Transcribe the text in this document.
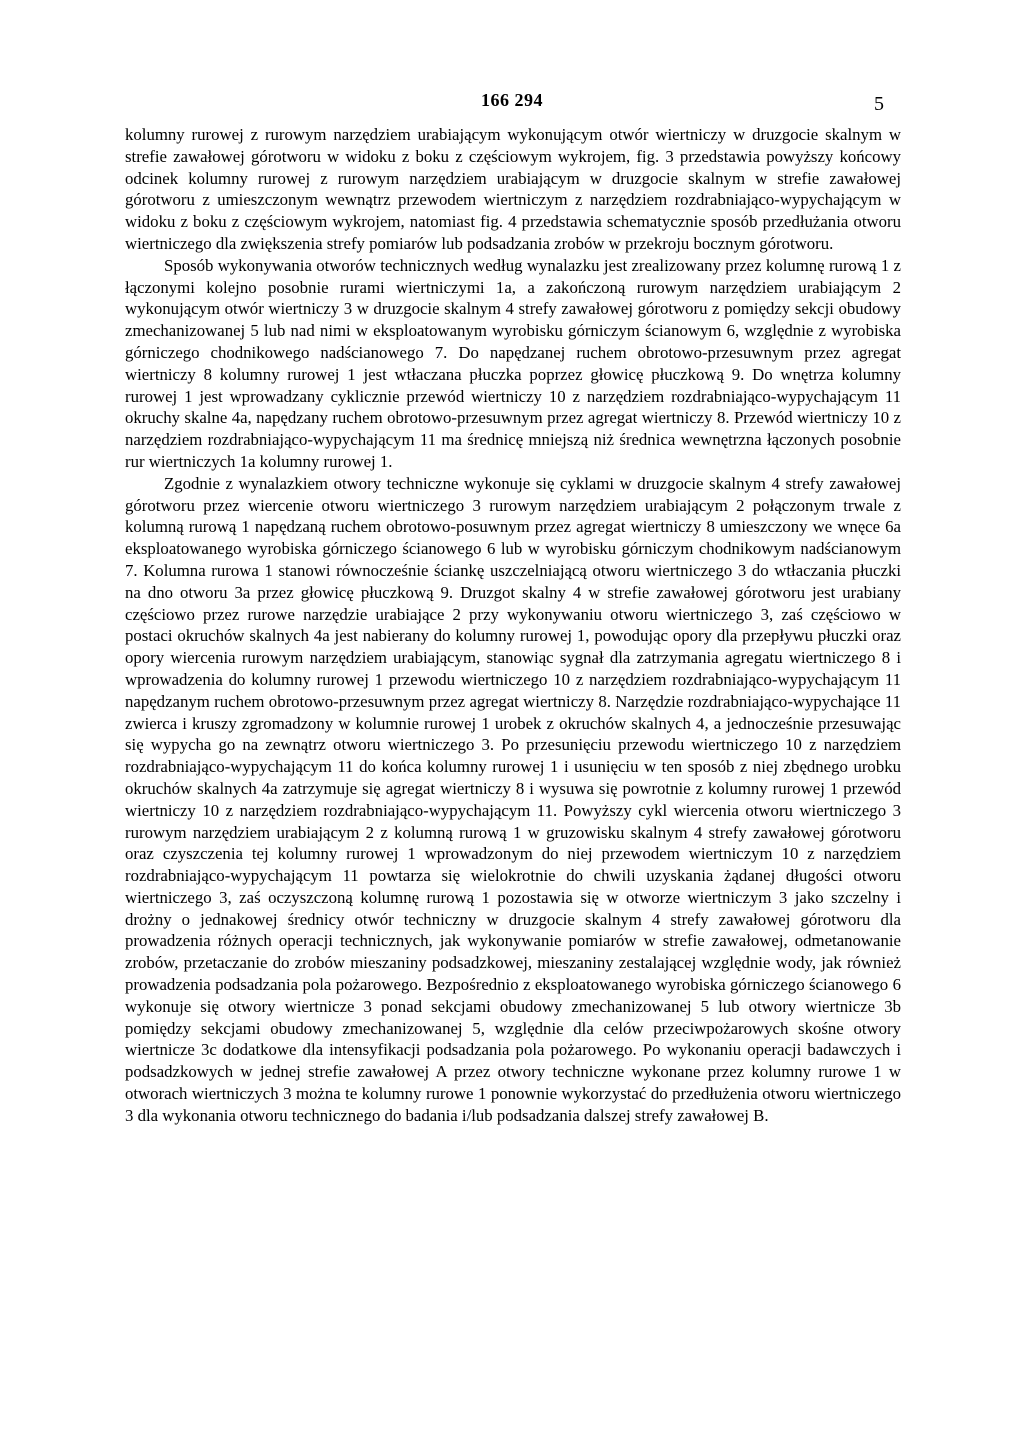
166 294	5

kolumny rurowej z rurowym narzędziem urabiającym wykonującym otwór wiertniczy w druzgocie skalnym w strefie zawałowej górotworu w widoku z boku z częściowym wykrojem, fig. 3 przedstawia powyższy końcowy odcinek kolumny rurowej z rurowym narzędziem urabiającym w druzgocie skalnym w strefie zawałowej górotworu z umieszczonym wewnątrz przewodem wiertniczym z narzędziem rozdrabniająco-wypychającym w widoku z boku z częściowym wykrojem, natomiast fig. 4 przedstawia schematycznie sposób przedłużania otworu wiertniczego dla zwiększenia strefy pomiarów lub podsadzania zrobów w przekroju bocznym górotworu.

Sposób wykonywania otworów technicznych według wynalazku jest zrealizowany przez kolumnę rurową 1 z łączonymi kolejno posobnie rurami wiertniczymi 1a, a zakończoną rurowym narzędziem urabiającym 2 wykonującym otwór wiertniczy 3 w druzgocie skalnym 4 strefy zawałowej górotworu z pomiędzy sekcji obudowy zmechanizowanej 5 lub nad nimi w eksploatowanym wyrobisku górniczym ścianowym 6, względnie z wyrobiska górniczego chodnikowego nadścianowego 7. Do napędzanej ruchem obrotowo-przesuwnym przez agregat wiertniczy 8 kolumny rurowej 1 jest wtłaczana płuczka poprzez głowicę płuczkową 9. Do wnętrza kolumny rurowej 1 jest wprowadzany cyklicznie przewód wiertniczy 10 z narzędziem rozdrabniająco-wypychającym 11 okruchy skalne 4a, napędzany ruchem obrotowo-przesuwnym przez agregat wiertniczy 8. Przewód wiertniczy 10 z narzędziem rozdrabniająco-wypychającym 11 ma średnicę mniejszą niż średnica wewnętrzna łączonych posobnie rur wiertniczych 1a kolumny rurowej 1.

Zgodnie z wynalazkiem otwory techniczne wykonuje się cyklami w druzgocie skalnym 4 strefy zawałowej górotworu przez wiercenie otworu wiertniczego 3 rurowym narzędziem urabiającym 2 połączonym trwale z kolumną rurową 1 napędzaną ruchem obrotowo-posuwnym przez agregat wiertniczy 8 umieszczony we wnęce 6a eksploatowanego wyrobiska górniczego ścianowego 6 lub w wyrobisku górniczym chodnikowym nadścianowym 7. Kolumna rurowa 1 stanowi równocześnie ściankę uszczelniającą otworu wiertniczego 3 do wtłaczania płuczki na dno otworu 3a przez głowicę płuczkową 9. Druzgot skalny 4 w strefie zawałowej górotworu jest urabiany częściowo przez rurowe narzędzie urabiające 2 przy wykonywaniu otworu wiertniczego 3, zaś częściowo w postaci okruchów skalnych 4a jest nabierany do kolumny rurowej 1, powodując opory dla przepływu płuczki oraz opory wiercenia rurowym narzędziem urabiającym, stanowiąc sygnał dla zatrzymania agregatu wiertniczego 8 i wprowadzenia do kolumny rurowej 1 przewodu wiertniczego 10 z narzędziem rozdrabniająco-wypychającym 11 napędzanym ruchem obrotowo-przesuwnym przez agregat wiertniczy 8. Narzędzie rozdrabniająco-wypychające 11 zwierca i kruszy zgromadzony w kolumnie rurowej 1 urobek z okruchów skalnych 4, a jednocześnie przesuwając się wypycha go na zewnątrz otworu wiertniczego 3. Po przesunięciu przewodu wiertniczego 10 z narzędziem rozdrabniająco-wypychającym 11 do końca kolumny rurowej 1 i usunięciu w ten sposób z niej zbędnego urobku okruchów skalnych 4a zatrzymuje się agregat wiertniczy 8 i wysuwa się powrotnie z kolumny rurowej 1 przewód wiertniczy 10 z narzędziem rozdrabniająco-wypychającym 11. Powyższy cykl wiercenia otworu wiertniczego 3 rurowym narzędziem urabiającym 2 z kolumną rurową 1 w gruzowisku skalnym 4 strefy zawałowej górotworu oraz czyszczenia tej kolumny rurowej 1 wprowadzonym do niej przewodem wiertniczym 10 z narzędziem rozdrabniająco-wypychającym 11 powtarza się wielokrotnie do chwili uzyskania żądanej długości otworu wiertniczego 3, zaś oczyszczoną kolumnę rurową 1 pozostawia się w otworze wiertniczym 3 jako szczelny i drożny o jednakowej średnicy otwór techniczny w druzgocie skalnym 4 strefy zawałowej górotworu dla prowadzenia różnych operacji technicznych, jak wykonywanie pomiarów w strefie zawałowej, odmetanowanie zrobów, przetaczanie do zrobów mieszaniny podsadzkowej, mieszaniny zestalającej względnie wody, jak również prowadzenia podsadzania pola pożarowego. Bezpośrednio z eksploatowanego wyrobiska górniczego ścianowego 6 wykonuje się otwory wiertnicze 3 ponad sekcjami obudowy zmechanizowanej 5 lub otwory wiertnicze 3b pomiędzy sekcjami obudowy zmechanizowanej 5, względnie dla celów przeciwpożarowych skośne otwory wiertnicze 3c dodatkowe dla intensyfikacji podsadzania pola pożarowego. Po wykonaniu operacji badawczych i podsadzkowych w jednej strefie zawałowej A przez otwory techniczne wykonane przez kolumny rurowe 1 w otworach wiertniczych 3 można te kolumny rurowe 1 ponownie wykorzystać do przedłużenia otworu wiertniczego 3 dla wykonania otworu technicznego do badania i/lub podsadzania dalszej strefy zawałowej B.
